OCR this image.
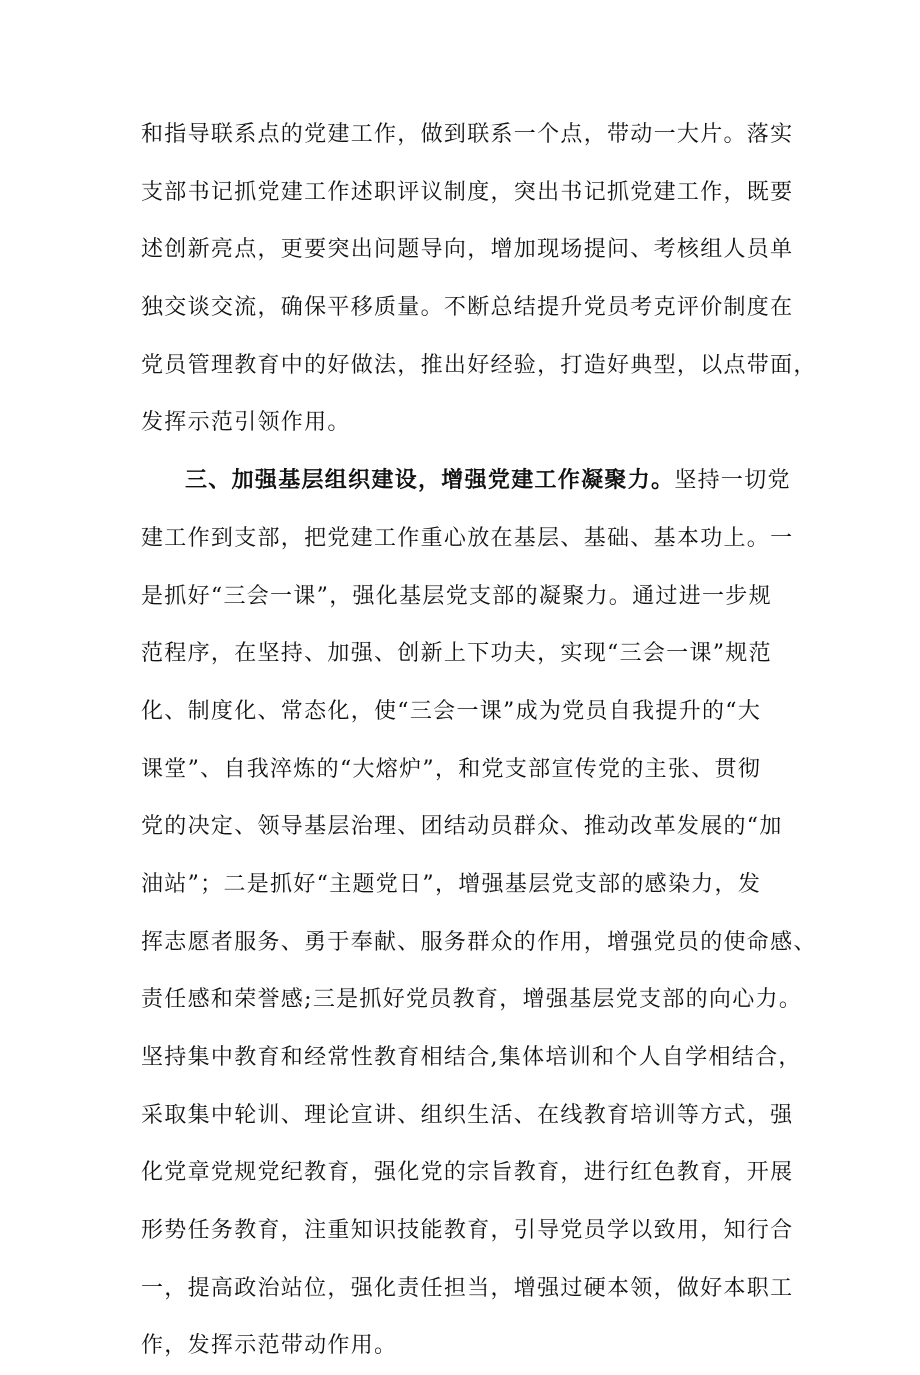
和指导联系点的党建工作，做到联系一个点，带动一大片。落实
支部书记抓党建工作述职评议制度，突出书记抓党建工作，既要
述创新亮点，更要突出问题导向，增加现场提问、考核组人员单
独交谈交流，确保平移质量。不断总结提升党员考克评价制度在
党员管理教育中的好做法，推出好经验，打造好典型，以点带面，
发挥示范引领作用。
三、加强基层组织建设，增强党建工作凝聚力。坚持一切党
建工作到支部，把党建工作重心放在基层、基础、基本功上。一
是抓好“三会一课”，强化基层党支部的凝聚力。通过进一步规
范程序，在坚持、加强、创新上下功夫，实现“三会一课”规范
化、制度化、常态化，使“三会一课”成为党员自我提升的“大
课堂”、自我淬炼的“大熔炉”，和党支部宣传党的主张、贯彻
党的决定、领导基层治理、团结动员群众、推动改革发展的“加
油站”；二是抓好“主题党日”，增强基层党支部的感染力，发
挥志愿者服务、勇于奉献、服务群众的作用，增强党员的使命感、
责任感和荣誉感;三是抓好党员教育，增强基层党支部的向心力。
坚持集中教育和经常性教育相结合,集体培训和个人自学相结合，
采取集中轮训、理论宣讲、组织生活、在线教育培训等方式，强
化党章党规党纪教育，强化党的宗旨教育，进行红色教育，开展
形势任务教育，注重知识技能教育，引导党员学以致用，知行合
一，提高政治站位，强化责任担当，增强过硬本领，做好本职工
作，发挥示范带动作用。
